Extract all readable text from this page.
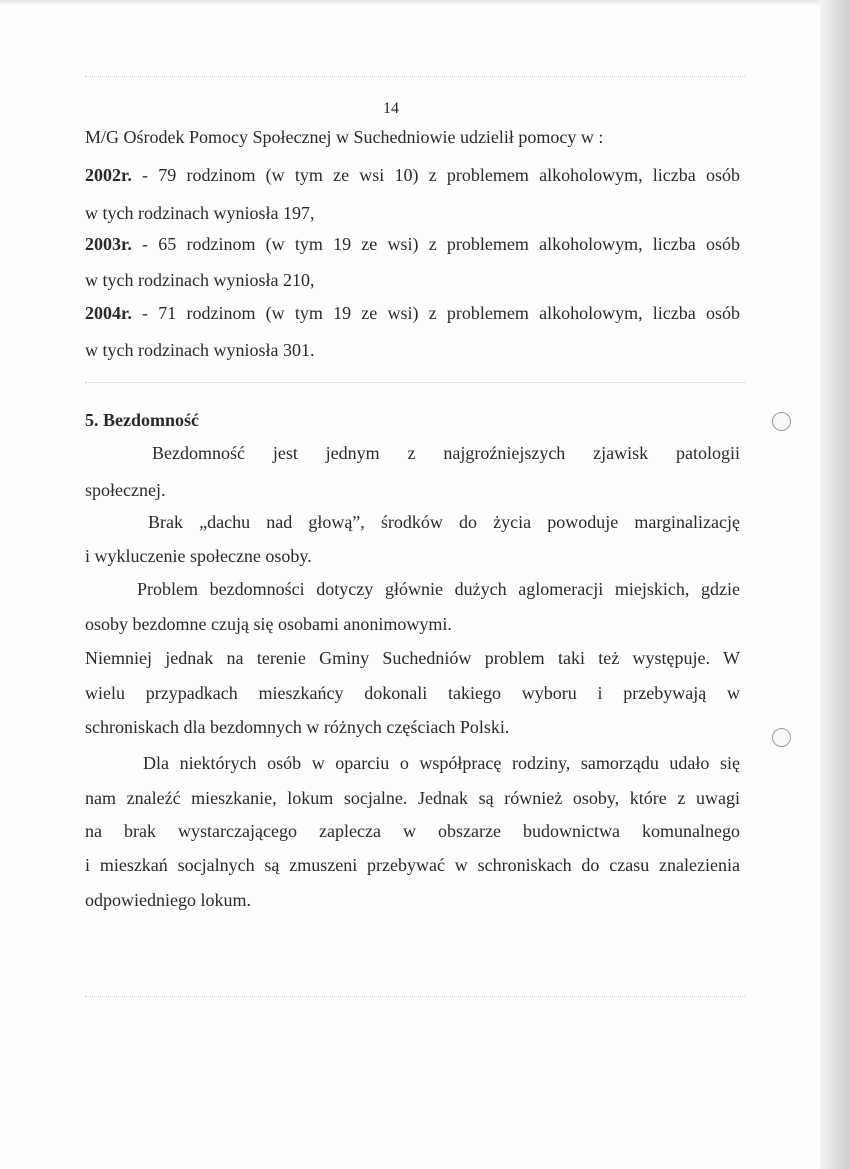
14
M/G Ośrodek Pomocy Społecznej w Suchedniowie udzielił pomocy w :
2002r. - 79 rodzinom (w tym ze wsi 10) z problemem alkoholowym, liczba osób
w tych rodzinach wyniosła 197,
2003r. - 65 rodzinom (w tym 19 ze wsi) z problemem alkoholowym, liczba osób
w tych rodzinach wyniosła 210,
2004r. - 71 rodzinom (w tym 19 ze wsi) z problemem alkoholowym, liczba osób
w tych rodzinach wyniosła 301.
5. Bezdomność
Bezdomność jest jednym z najgroźniejszych zjawisk patologii
społecznej.
Brak „dachu nad głową”, środków do życia powoduje marginalizację
i wykluczenie społeczne osoby.
Problem bezdomności dotyczy głównie dużych aglomeracji miejskich, gdzie
osoby bezdomne czują się osobami anonimowymi.
Niemniej jednak na terenie Gminy Suchedniów problem taki też występuje. W
wielu przypadkach mieszkańcy dokonali takiego wyboru i przebywają w
schroniskach dla bezdomnych w różnych częściach Polski.
Dla niektórych osób w oparciu o współpracę rodziny, samorządu udało się
nam znaleźć mieszkanie, lokum socjalne. Jednak są również osoby, które z uwagi
na brak wystarczającego zaplecza w obszarze budownictwa komunalnego
i mieszkań socjalnych są zmuszeni przebywać w schroniskach do czasu znalezienia
odpowiedniego lokum.
